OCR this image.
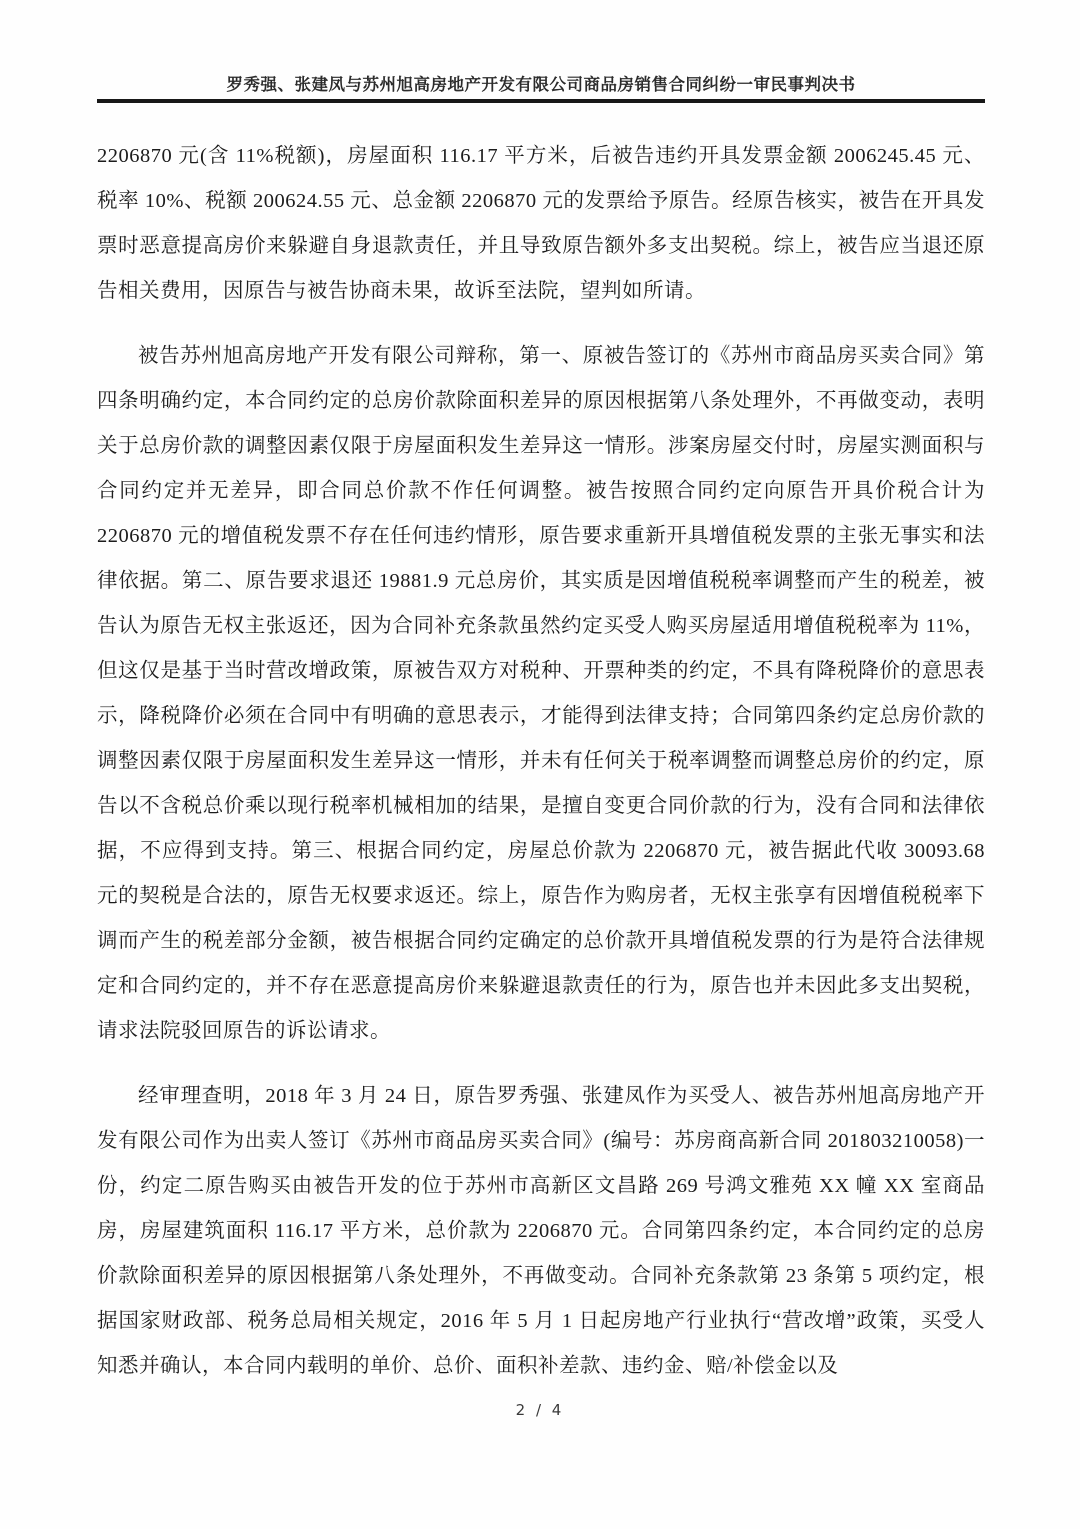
罗秀强、张建凤与苏州旭高房地产开发有限公司商品房销售合同纠纷一审民事判决书

2206870 元(含 11%税额)，房屋面积 116.17 平方米，后被告违约开具发票金额 2006245.45 元、税率 10%、税额 200624.55 元、总金额 2206870 元的发票给予原告。经原告核实，被告在开具发票时恶意提高房价来躲避自身退款责任，并且导致原告额外多支出契税。综上，被告应当退还原告相关费用，因原告与被告协商未果，故诉至法院，望判如所请。

被告苏州旭高房地产开发有限公司辩称，第一、原被告签订的《苏州市商品房买卖合同》第四条明确约定，本合同约定的总房价款除面积差异的原因根据第八条处理外，不再做变动，表明关于总房价款的调整因素仅限于房屋面积发生差异这一情形。涉案房屋交付时，房屋实测面积与合同约定并无差异，即合同总价款不作任何调整。被告按照合同约定向原告开具价税合计为 2206870 元的增值税发票不存在任何违约情形，原告要求重新开具增值税发票的主张无事实和法律依据。第二、原告要求退还 19881.9 元总房价，其实质是因增值税税率调整而产生的税差，被告认为原告无权主张返还，因为合同补充条款虽然约定买受人购买房屋适用增值税税率为 11%，但这仅是基于当时营改增政策，原被告双方对税种、开票种类的约定，不具有降税降价的意思表示，降税降价必须在合同中有明确的意思表示，才能得到法律支持；合同第四条约定总房价款的调整因素仅限于房屋面积发生差异这一情形，并未有任何关于税率调整而调整总房价的约定，原告以不含税总价乘以现行税率机械相加的结果，是擅自变更合同价款的行为，没有合同和法律依据，不应得到支持。第三、根据合同约定，房屋总价款为 2206870 元，被告据此代收 30093.68 元的契税是合法的，原告无权要求返还。综上，原告作为购房者，无权主张享有因增值税税率下调而产生的税差部分金额，被告根据合同约定确定的总价款开具增值税发票的行为是符合法律规定和合同约定的，并不存在恶意提高房价来躲避退款责任的行为，原告也并未因此多支出契税，请求法院驳回原告的诉讼请求。

经审理查明，2018 年 3 月 24 日，原告罗秀强、张建凤作为买受人、被告苏州旭高房地产开发有限公司作为出卖人签订《苏州市商品房买卖合同》(编号：苏房商高新合同 201803210058)一份，约定二原告购买由被告开发的位于苏州市高新区文昌路 269 号鸿文雅苑 XX 幢 XX 室商品房，房屋建筑面积 116.17 平方米，总价款为 2206870 元。合同第四条约定，本合同约定的总房价款除面积差异的原因根据第八条处理外，不再做变动。合同补充条款第 23 条第 5 项约定，根据国家财政部、税务总局相关规定，2016 年 5 月 1 日起房地产行业执行“营改增”政策，买受人知悉并确认，本合同内载明的单价、总价、面积补差款、违约金、赔/补偿金以及

2 / 4
